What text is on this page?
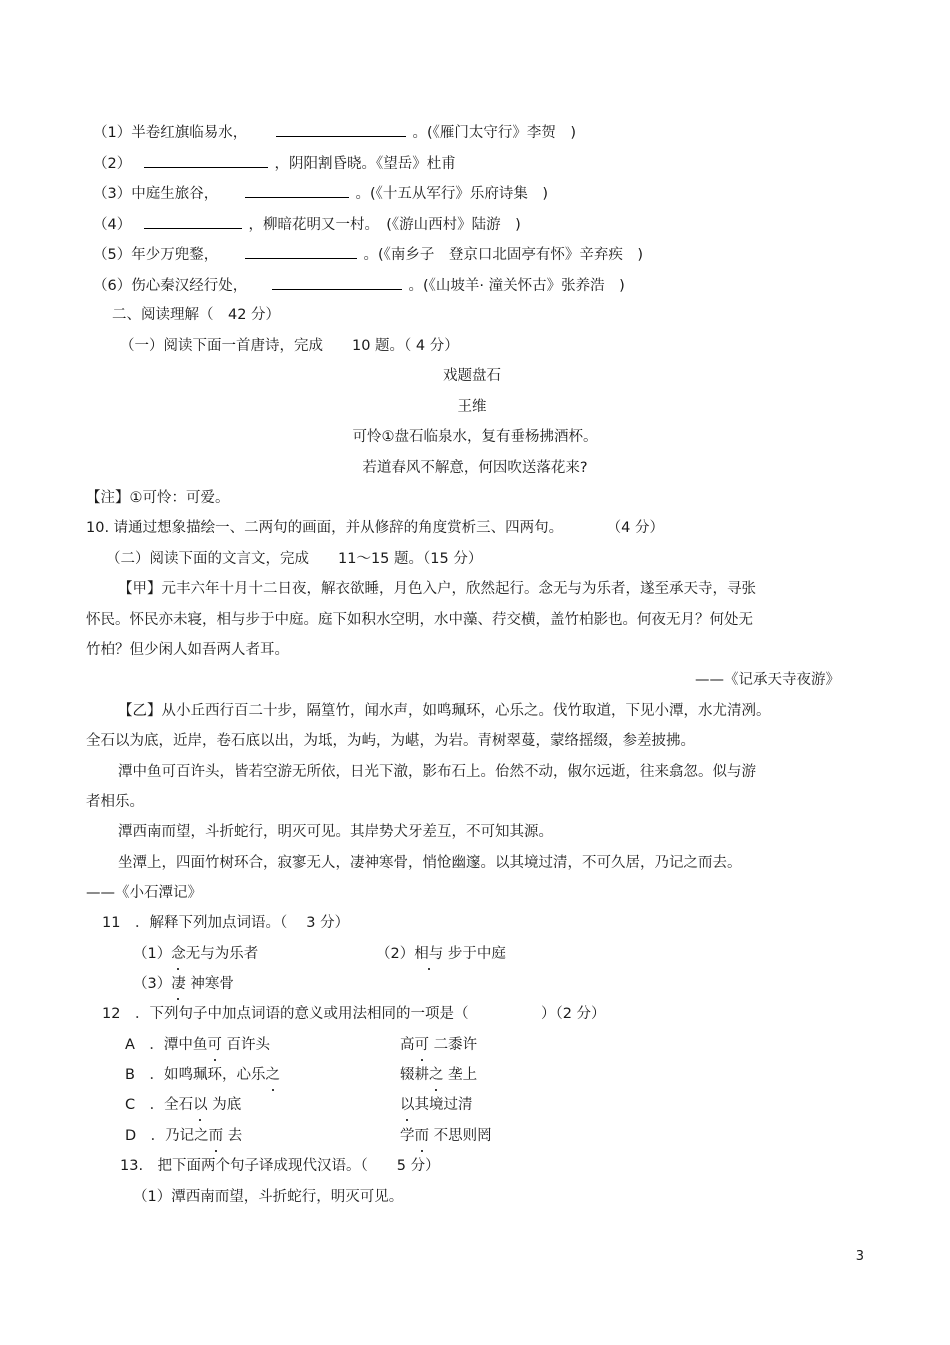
（1）半卷红旗临易水，	。(《雁门太守行》李贺　)
（2）	，阴阳割昏晓。《望岳》杜甫
（3）中庭生旅谷，	。(《十五从军行》乐府诗集　)
（4）	，柳暗花明又一村。　(《游山西村》陆游　)
（5）年少万兜鍪，	。(《南乡子　登京口北固亭有怀》辛弃疾　)
（6）伤心秦汉经行处，	。(《山坡羊· 潼关怀古》张养浩　)
二、阅读理解（　42 分）
（一）阅读下面一首唐诗，完成　　10 题。（ 4 分）
戏题盘石
王维
可怜①盘石临泉水，复有垂杨拂酒杯。
若道春风不解意，何因吹送落花来?
【注】①可怜：可爱。
10. 请通过想象描绘一、二两句的画面，并从修辞的角度赏析三、四两句。　　　　（4 分）
（二）阅读下面的文言文，完成　　11～15 题。（15 分）
【甲】元丰六年十月十二日夜，解衣欲睡，月色入户，欣然起行。念无与为乐者，遂至承天寺，寻张
怀民。怀民亦未寝，相与步于中庭。庭下如积水空明，水中藻、荇交横，盖竹柏影也。何夜无月？何处无
竹柏？但少闲人如吾两人者耳。
——《记承天寺夜游》
【乙】从小丘西行百二十步，隔篁竹，闻水声，如鸣珮环，心乐之。伐竹取道，下见小潭，水尤清冽。
全石以为底，近岸，卷石底以出，为坻，为屿，为嵁，为岩。青树翠蔓，蒙络摇缀，参差披拂。
潭中鱼可百许头，皆若空游无所依，日光下澈，影布石上。佁然不动，俶尔远逝，往来翕忽。似与游
者相乐。
潭西南而望，斗折蛇行，明灭可见。其岸势犬牙差互，不可知其源。
坐潭上，四面竹树环合，寂寥无人，凄神寒骨，悄怆幽邃。以其境过清，不可久居，乃记之而去。
——《小石潭记》
11　．解释下列加点词语。（　 3 分）
（1）念无与为乐者	（2）相与 步于中庭
（3）凄 神寒骨
12　．下列句子中加点词语的意义或用法相同的一项是（　　　　　）（2 分）
A　．潭中鱼可 百许头	高可 二黍许
B　．如鸣珮环，心乐之	辍耕之 垄上
C　．全石以 为底	以其境过清
D　．乃记之而 去	学而 不思则罔
13.　把下面两个句子译成现代汉语。（　　5 分）
（1）潭西南而望，斗折蛇行，明灭可见。
3
